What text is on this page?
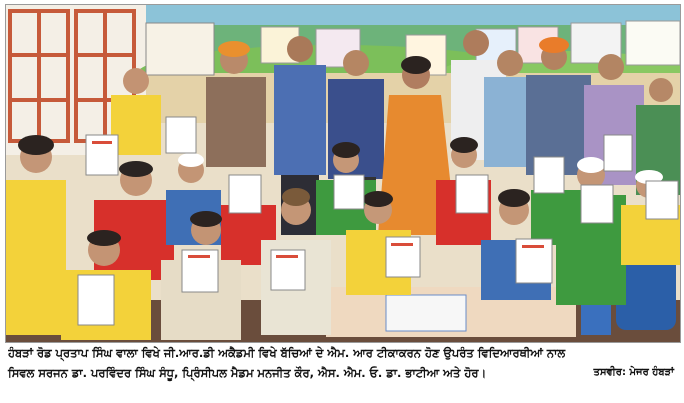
ਹੰਬੜਾਂ ਰੋਡ ਪ੍ਰਤਾਪ ਸਿੰਘ ਵਾਲਾ ਵਿਖੇ ਜੀ.ਆਰ.ਡੀ ਅਕੈਡਮੀ ਵਿਖੇ ਬੱਚਿਆਂ ਦੇ ਐਮ. ਆਰ ਟੀਕਾਕਰਨ ਹੋਣ ਉਪਰੰਤ ਵਿਦਿਆਰਥੀਆਂ ਨਾਲ
ਸਿਵਲ ਸਰਜਨ ਡਾ. ਪਰਵਿੰਦਰ ਸਿੰਘ ਸੰਧੂ, ਪ੍ਰਿੰਸੀਪਲ ਮੈਡਮ ਮਨਜੀਤ ਕੌਰ, ਐਸ. ਐਮ. ਓ. ਡਾ. ਭਾਟੀਆ ਅਤੇ ਹੋਰ।	ਤਸਵੀਰ: ਮੇਜਰ ਹੰਬੜਾਂ
